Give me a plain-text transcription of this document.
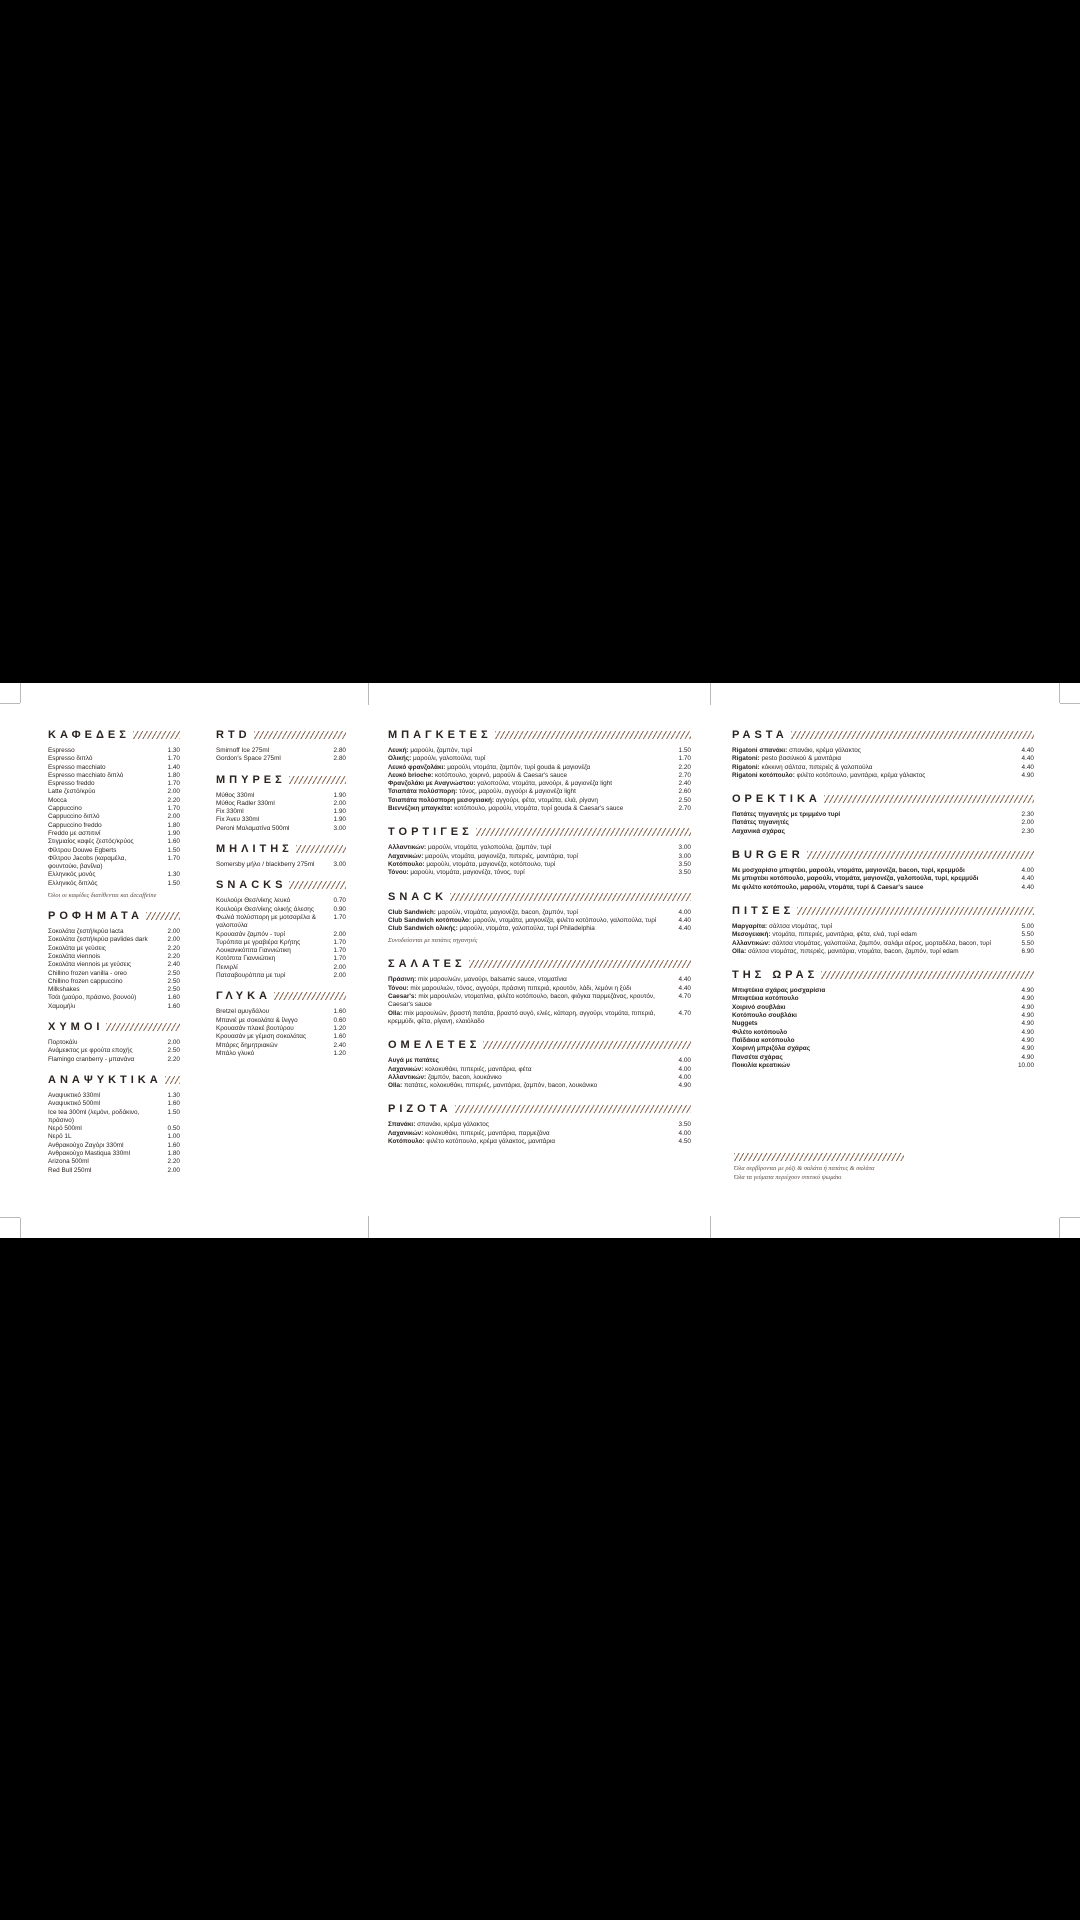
ΚΑΦΕΔΕΣ
Espresso	1.30
Espresso διπλό	1.70
Espresso macchiato	1.40
Espresso macchiato διπλό	1.80
Espresso freddo	1.70
Latte ζεστό/κρύο	2.00
Mocca	2.20
Cappuccino	1.70
Cappuccino διπλό	2.00
Cappuccino freddo	1.80
Freddo με ασπιτινί	1.90
Στιγμιαίος καφές ζεστός/κρύος	1.60
Φίλτρου Douwe Egberts	1.50
Φίλτρου Jacobs (καραμέλα, φουντούκι, βανίλια)
1.70
Ελληνικός μονός	1.30
Ελληνικός διπλός	1.50
Όλοι οι καφέδες διατίθενται και decaffeine
ΡΟΦΗΜΑΤΑ
Σοκολάτα ζεστή/κρύα lacta	2.00
Σοκολάτα ζεστή/κρύα pavlides dark	2.00
Σοκολάτα με γεύσεις	2.20
Σοκολάτα viennois	2.20
Σοκολάτα viennois με γεύσεις	2.40
Chillino frozen vanilla - oreo	2.50
Chillino frozen cappuccino	2.50
Milkshakes	2.50
Τσάι (μαύρο, πράσινο, βουνού)	1.60
Χαμομήλι	1.60
ΧΥΜΟΙ
Πορτοκάλι	2.00
Ανάμεικτος με φρούτα εποχής	2.50
Flamingo cranberry - μπανάνα	2.20
ΑΝΑΨΥΚΤΙΚΑ
Αναψυκτικό 330ml	1.30
Αναψυκτικό 500ml	1.60
Ice tea 300ml (λεμόνι, ροδάκινο, πράσινο)
1.50
Νερό 500ml	0.50
Νερό 1L	1.00
Ανθρακούχο Ζαγόρι 330ml	1.60
Ανθρακούχο Mastiqua 330ml	1.80
Arizona 500ml	2.20
Red Bull 250ml	2.00
RTD
Smirnoff Ice 275ml	2.80
Gordon's Space 275ml	2.80
ΜΠΥΡΕΣ
Μύθος 330ml	1.90
Μύθος Radler 330ml	2.00
Fix 330ml	1.90
Fix Άνευ 330ml	1.90
Peroni Μαλαματίνα 500ml	3.00
ΜΗΛΙΤΗΣ
Somersby μήλο / blackberry 275ml	3.00
SNACKS
Κουλούρι Θεσ/νίκης λευκό	0.70
Κουλούρι Θεσ/νίκης ολικής άλεσης	0.90
Φωλιά πολύσπορη με μοτσαρέλα & γαλοπούλα
1.70
Κρουασάν ζαμπόν - τυρί	2.00
Τυρόπιτα με γραβιέρα Κρήτης	1.70
Λουκανικόπιτα Γιαννιώτικη	1.70
Κοτόπιτα Γιαννιώτικη	1.70
Πεινιρλί	2.00
Πατσαβουρόπιτα με τυρί	2.00
ΓΛΥΚΑ
Bretzel αμυγδάλου	1.60
Μπανιέ με σοκολάτα & ίλιγγο	0.60
Κρουασάν πλακέ βουτύρου	1.20
Κρουασάν με γέμιση σοκολάτας	1.60
Μπάρες δημητριακών	2.40
Μπάλο γλυκό	1.20
ΜΠΑΓΚΕΤΕΣ
Λευκή: μαρούλι, ζαμπόν, τυρί	1.50
Ολικής: μαρούλι, γαλοπούλα, τυρί	1.70
Λευκό φρανζολάκι: μαρούλι, ντομάτα, ζαμπόν, τυρί gouda & μαγιονέζα	2.20
Λευκό brioche: κοτόπουλο, χοιρινό, μαρούλι & Caesar's sauce	2.70
Φρανζολάκι με Αναγνώστου: γαλοπούλα, ντομάτα, μανούρι, & μαγιονέζα light	2.40
Τσιαπάτα πολύσπορη: τόνος, μαρούλι, αγγούρι & μαγιονέζα light	2.60
Τσιαπάτα πολύσπορη μεσογειακή: αγγούρι, φέτα, ντομάτα, ελιά, ρίγανη	2.50
Βιεννέζικη μπαγκέτα: κοτόπουλο, μαρούλι, ντομάτα, τυρί gouda & Caesar's sauce	2.70
ΤΟΡΤΙΓΕΣ
Αλλαντικών: μαρούλι, ντομάτα, γαλοπούλα, ζαμπόν, τυρί	3.00
Λαχανικών: μαρούλι, ντομάτα, μαγιονέζα, πιπεριές, μανιτάρια, τυρί	3.00
Κοτόπουλο: μαρούλι, ντομάτα, μαγιονέζα, κοτόπουλο, τυρί	3.50
Τόνου: μαρούλι, ντομάτα, μαγιονέζα, τόνος, τυρί	3.50
SNACK
Club Sandwich: μαρούλι, ντομάτα, μαγιονέζα, bacon, ζαμπόν, τυρί	4.00
Club Sandwich κοτόπουλο: μαρούλι, ντομάτα, μαγιονέζα, φιλέτο κοτόπουλο, γαλοπούλα, τυρί	4.40
Club Sandwich ολικής: μαρούλι, ντομάτα, γαλοπούλα, τυρί Philadelphia	4.40
Συνοδεύονται με πατάτες τηγανητές
ΣΑΛΑΤΕΣ
Πράσινη: mix μαρουλιών, μανούρι, balsamic sauce, ντοματίνια	4.40
Τόνου: mix μαρουλιών, τόνος, αγγούρι, πράσινη πιπεριά, κρουτόν, λάδι, λεμόνι η ξύδι	4.40
Caesar's: mix μαρουλιών, ντοματίνια, φιλέτο κοτόπουλο, bacon, φιόγκα παρμεζάνας, κρουτόν, Caesar's sauce
4.70
Olla: mix μαρουλιών, βραστή πατάτα, βραστό αυγό, ελιές, κάπαρη, αγγούρι, ντομάτα, πιπεριά, κρεμμύδι, φέτα, ρίγανη, ελαιόλαδο
4.70
ΟΜΕΛΕΤΕΣ
Αυγά με πατάτες	4.00
Λαχανικών: κολοκυθάκι, πιπεριές, μανιτάρια, φέτα	4.00
Αλλαντικών: ζαμπόν, bacon, λουκάνικο	4.00
Olla: πατάτες, κολοκυθάκι, πιπεριές, μανιτάρια, ζαμπόν, bacon, λουκάνικο	4.90
ΡΙΖΟΤΑ
Σπανάκι: σπανάκι, κρέμα γάλακτος	3.50
Λαχανικών: κολοκυθάκι, πιπεριές, μανιτάρια, παρμεζάνα	4.00
Κοτόπουλο: φιλέτο κοτόπουλο, κρέμα γάλακτος, μανιτάρια	4.50
PASTA
Rigatoni σπανάκι: σπανάκι, κρέμα γάλακτος	4.40
Rigatoni: pesto βασιλικού & μανιτάρια	4.40
Rigatoni: κόκκινη σάλτσα, πιπεριές & γαλοπούλα	4.40
Rigatoni κοτόπουλο: φιλέτο κοτόπουλο, μανιτάρια, κρέμα γάλακτος	4.90
ΟΡΕΚΤΙΚΑ
Πατάτες τηγανητές με τριμμένο τυρί	2.30
Πατάτες τηγανητές	2.00
Λαχανικά σχάρας	2.30
BURGER
Με μοσχαρίσιο μπιφτέκι, μαρούλι, ντομάτα, μαγιονέζα, bacon, τυρί, κρεμμύδι	4.00
Με μπιφτέκι κοτόπουλο, μαρούλι, ντομάτα, μαγιονέζα, γαλοπούλα, τυρί, κρεμμύδι	4.40
Με φιλέτο κοτόπουλο, μαρούλι, ντομάτα, τυρί & Caesar's sauce	4.40
ΠΙΤΣΕΣ
Μαργαρίτα: σάλτσα ντομάτας, τυρί	5.00
Μεσογειακή: ντομάτα, πιπεριές, μανιτάρια, φέτα, ελιά, τυρί edam	5.50
Αλλαντικών: σάλτσα ντομάτας, γαλοπούλα, ζαμπόν, σαλάμι αέρος, μορταδέλα, bacon, τυρί	5.50
Olla: σάλτσα ντομάτας, πιπεριές, μανιτάρια, ντομάτα, bacon, ζαμπόν, τυρί edam	6.90
ΤΗΣ ΩΡΑΣ
Μπιφτέκια σχάρας μοσχαρίσια	4.90
Μπιφτέκια κοτόπουλο	4.90
Χοιρινό σουβλάκι	4.90
Κοτόπουλο σουβλάκι	4.90
Nuggets	4.90
Φιλέτο κοτόπουλο	4.90
Παϊδάκια κοτόπουλο	4.90
Χοιρινή μπριζόλα σχάρας	4.90
Πανσέτα σχάρας	4.90
Ποικιλία κρεατικών	10.00
Όλα σερβίρονται με ρύζι & σαλάτα ή πατάτες & σαλάτα
Όλα τα γεύματα περιέχουν σπιτικό ψωμάκι
